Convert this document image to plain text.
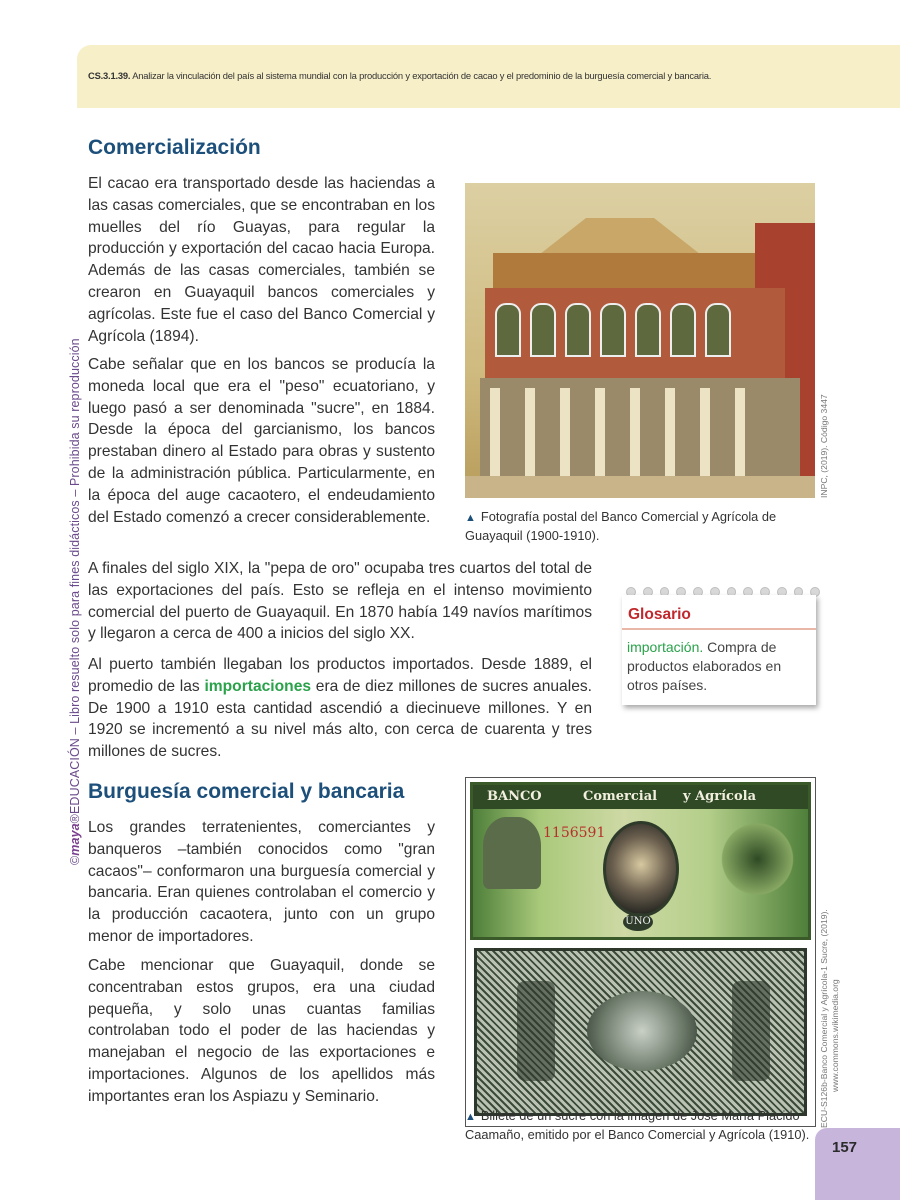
CS.3.1.39. Analizar la vinculación del país al sistema mundial con la producción y exportación de cacao y el predominio de la burguesía comercial y bancaria.
©maya®EDUCACIÓN – Libro resuelto solo para fines didácticos – Prohibida su reproducción
Comercialización

El cacao era transportado desde las haciendas a las casas comerciales, que se encontraban en los muelles del río Guayas, para regular la producción y exportación del cacao hacia Europa. Además de las casas comerciales, también se crearon en Guayaquil bancos comerciales y agrícolas. Este fue el caso del Banco Comercial y Agrícola (1894).

Cabe señalar que en los bancos se producía la moneda local que era el "peso" ecuatoriano, y luego pasó a ser denominada "sucre", en 1884. Desde la época del garcianismo, los bancos prestaban dinero al Estado para obras y sustento de la administración pública. Particularmente, en la época del auge cacaotero, el endeudamiento del Estado comenzó a crecer considerablemente.

A finales del siglo XIX, la "pepa de oro" ocupaba tres cuartos del total de las exportaciones del país. Esto se refleja en el intenso movimiento comercial del puerto de Guayaquil. En 1870 había 149 navíos marítimos y llegaron a cerca de 400 a inicios del siglo XX.

Al puerto también llegaban los productos importados. Desde 1889, el promedio de las importaciones era de diez millones de sucres anuales. De 1900 a 1910 esta cantidad ascendió a diecinueve millones. Y en 1920 se incrementó a su nivel más alto, con cerca de cuarenta y tres millones de sucres.

INPC, (2019). Código 3447

▲ Fotografía postal del Banco Comercial y Agrícola de Guayaquil (1900-1910).

Glosario

importación. Compra de productos elaborados en otros países.

Burguesía comercial y bancaria

Los grandes terratenientes, comerciantes y banqueros –también conocidos como "gran cacaos"– conformaron una burguesía comercial y bancaria. Eran quienes controlaban el comercio y la producción cacaotera, junto con un grupo menor de importadores.

Cabe mencionar que Guayaquil, donde se concentraban estos grupos, era una ciudad pequeña, y solo unas cuantas familias controlaban todo el poder de las haciendas y manejaban el negocio de las exportaciones e importaciones. Algunos de los apellidos más importantes eran los Aspiazu y Seminario.

BANCO	Comercial y Agrícola
1156591
UNO	ECU-S126b-Banco Comercial y Agrícola-1 Sucre, (2019). www.commons.wikimedia.org

▲ Billete de un sucre con la imagen de José María Plácido Caamaño, emitido por el Banco Comercial y Agrícola (1910).

157
